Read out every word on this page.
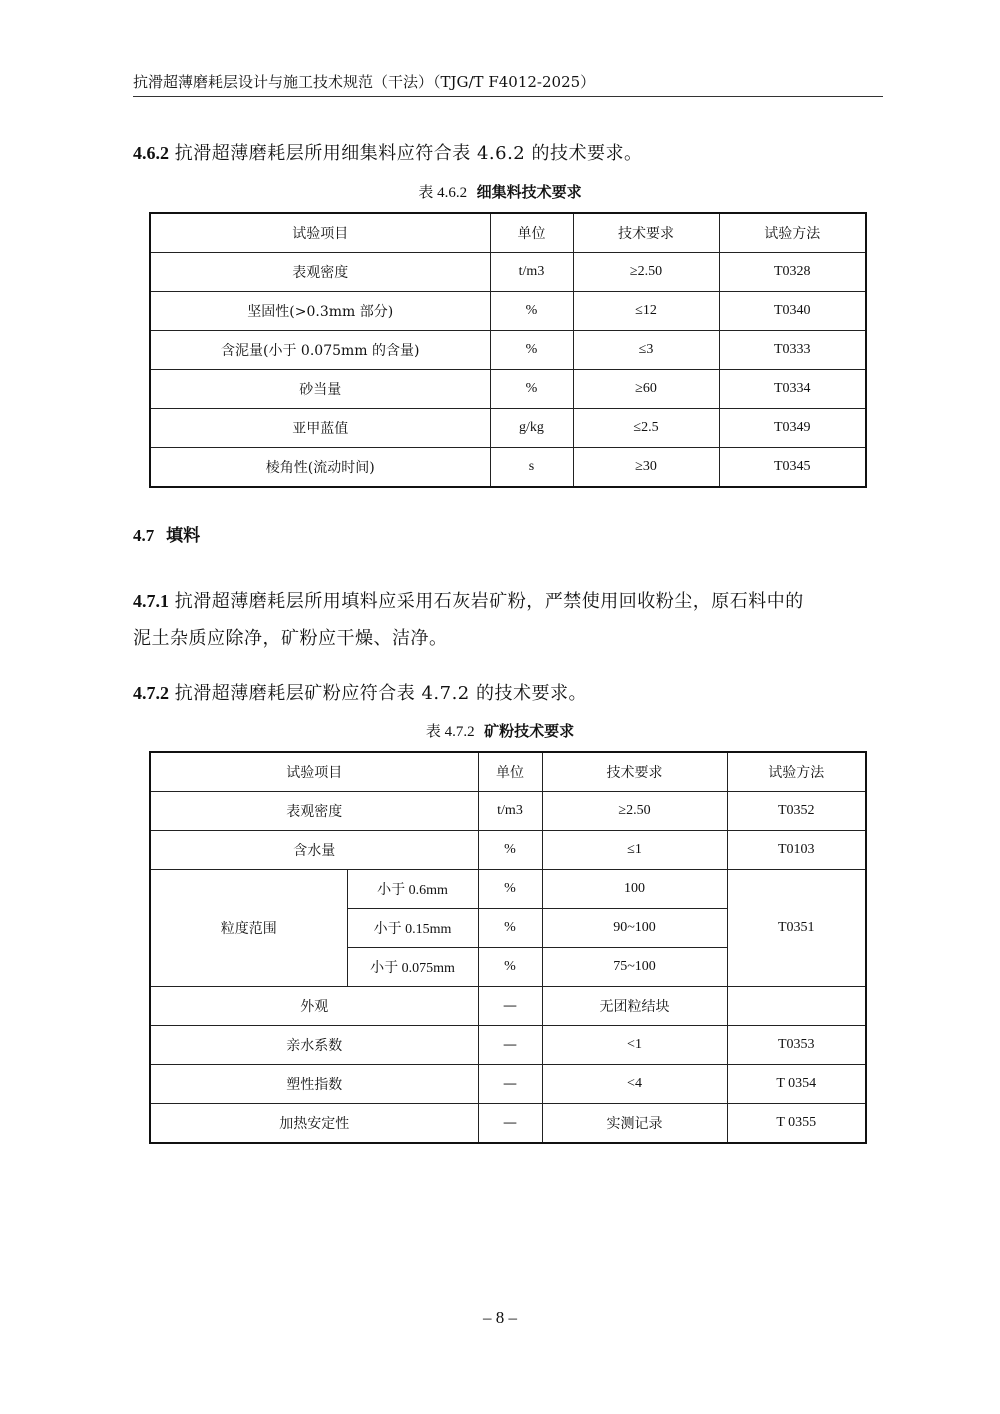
抗滑超薄磨耗层设计与施工技术规范（干法）（TJG/T F4012-2025）
4.6.2 抗滑超薄磨耗层所用细集料应符合表 4.6.2 的技术要求。
表 4.6.2 细集料技术要求
试验项目	单位	技术要求	试验方法
表观密度	t/m3	≥2.50	T0328
坚固性(>0.3mm 部分)	%	≤12	T0340
含泥量(小于 0.075mm 的含量)	%	≤3	T0333
砂当量	%	≥60	T0334
亚甲蓝值	g/kg	≤2.5	T0349
棱角性(流动时间)	s	≥30	T0345
4.7 填料
4.7.1 抗滑超薄磨耗层所用填料应采用石灰岩矿粉，严禁使用回收粉尘，原石料中的
泥土杂质应除净，矿粉应干燥、洁净。
4.7.2 抗滑超薄磨耗层矿粉应符合表 4.7.2 的技术要求。
表 4.7.2 矿粉技术要求
试验项目		单位	技术要求	试验方法
表观密度		t/m3	≥2.50	T0352
含水量		%	≤1	T0103
粒度范围	小于 0.6mm	%	100	T0351
	小于 0.15mm	%	90~100	
	小于 0.075mm	%	75~100	
外观		—	无团粒结块	
亲水系数		—	<1	T0353
塑性指数		—	<4	T 0354
加热安定性		—	实测记录	T 0355
– 8 –
